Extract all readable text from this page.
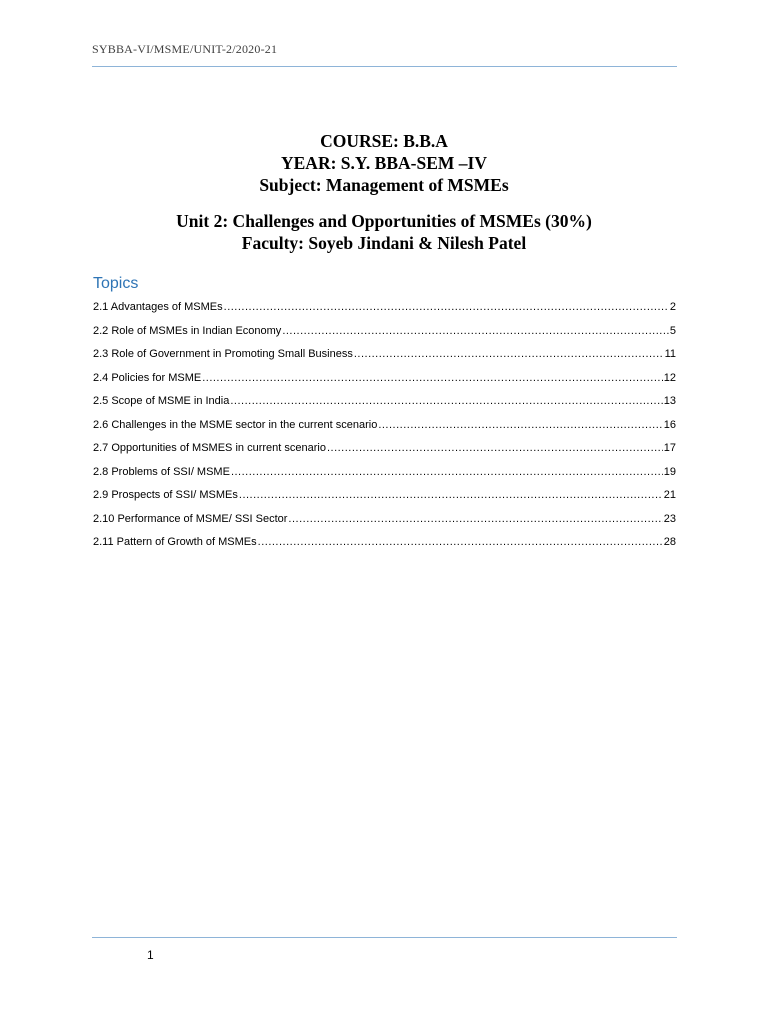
SYBBA-VI/MSME/UNIT-2/2020-21
COURSE: B.B.A
YEAR: S.Y. BBA-SEM –IV
Subject: Management of MSMEs
Unit 2: Challenges and Opportunities of MSMEs (30%)
Faculty: Soyeb Jindani & Nilesh Patel
Topics
2.1 Advantages of MSMEs .....	2
2.2 Role of MSMEs in Indian Economy .....	5
2.3 Role of Government in Promoting Small Business .....	11
2.4 Policies for MSME .....	12
2.5 Scope of MSME in India .....	13
2.6 Challenges in the MSME sector in the current scenario .....	16
2.7 Opportunities of MSMES in current scenario .....	17
2.8 Problems of SSI/ MSME .....	19
2.9 Prospects of SSI/ MSMEs .....	21
2.10 Performance of MSME/ SSI Sector .....	23
2.11 Pattern of Growth of MSMEs .....	28
1
